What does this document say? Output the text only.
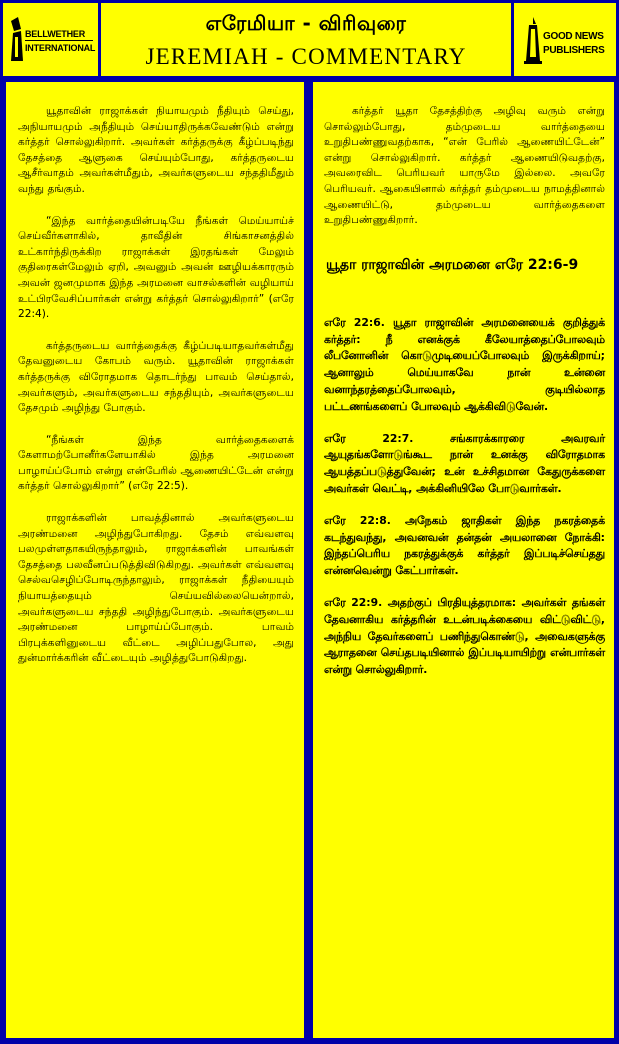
BELLWETHER
INTERNATIONAL
எரேமியா - விரிவுரை
JEREMIAH - COMMENTARY
GOOD NEWS
PUBLISHERS

யூதாவின் ராஜாக்கள் நியாயமும் நீதியும் செய்து, அநியாயமும் அநீதியும் செய்யாதிருக்கவேண்டும் என்று கர்த்தர் சொல்லுகிறார். அவர்கள் கர்த்தருக்கு கீழ்ப்படிந்து தேசத்தை ஆளுகை செய்யும்போது, கர்த்தருடைய ஆசீர்வாதம் அவர்கள்மீதும், அவர்களுடைய சந்ததிமீதும் வந்து தங்கும்.

“இந்த வார்த்தையின்படியே நீங்கள் மெய்யாய்ச் செய்வீர்களாகில், தாவீதின் சிங்காசனத்தில் உட்கார்ந்திருக்கிற ராஜாக்கள் இரதங்கள் மேலும் குதிரைகள்மேலும் ஏறி, அவனும் அவன் ஊழியக்காரரும் அவன் ஜனமுமாக இந்த அரமனை வாசல்களின் வழியாய் உட்பிரவேசிப்பார்கள் என்று கர்த்தர் சொல்லுகிறார்” (எரே 22:4).

கர்த்தருடைய வார்த்தைக்கு கீழ்ப்படியாதவர்கள்மீது தேவனுடைய கோபம் வரும். யூதாவின் ராஜாக்கள் கர்த்தருக்கு விரோதமாக தொடர்ந்து பாவம் செய்தால், அவர்களும், அவர்களுடைய சந்ததியும், அவர்களுடைய தேசமும் அழிந்து போகும்.

“நீங்கள் இந்த வார்த்தைகளைக் கேளாமற்போனீர்களேயாகில் இந்த அரமனை பாழாய்ப்போம் என்று என்பேரில் ஆணையிட்டேன் என்று கர்த்தர் சொல்லுகிறார்” (எரே 22:5).

ராஜாக்களின் பாவத்தினால் அவர்களுடைய அரண்மனை அழிந்துபோகிறது. தேசம் எவ்வளவு பலமுள்ளதாகயிருந்தாலும், ராஜாக்களின் பாவங்கள் தேசத்தை பலவீனப்படுத்திவிடுகிறது. அவர்கள் எவ்வளவு செல்வசெழிப்போடிருந்தாலும், ராஜாக்கள் நீதியையும் நியாயத்தையும் செய்யவில்லையென்றால், அவர்களுடைய சந்ததி அழிந்துபோகும். அவர்களுடைய அரண்மனை பாழாய்ப்போகும். பாவம் பிரபுக்களினுடைய வீட்டை அழிப்பதுபோல, அது துன்மார்க்கரின் வீட்டையும் அழித்துபோடுகிறது.

கர்த்தர் யூதா தேசத்திற்கு அழிவு வரும் என்று சொல்லும்போது, தம்முடைய வார்த்தையை உறுதிபண்ணுவதற்காக, “என் பேரில் ஆணையிட்டேன்” என்று சொல்லுகிறார். கர்த்தர் ஆணையிடுவதற்கு, அவரைவிட பெரியவர் யாருமே இல்லை. அவரே பெரியவர். ஆகையினால் கர்த்தர் தம்முடைய நாமத்தினால் ஆணையிட்டு, தம்முடைய வார்த்தைகளை உறுதிபண்ணுகிறார்.

யூதா ராஜாவின் அரமனை எரே 22:6-9

எரே 22:6. யூதா ராஜாவின் அரமனையைக் குறித்துக் கர்த்தர்: நீ எனக்குக் கீலேயாத்தைப்போலவும் லீபனோனின் கொடுமுடியைப்போலவும் இருக்கிறாய்; ஆனாலும் மெய்யாகவே நான் உன்னை வனாந்தரத்தைப்போலவும், குடியில்லாத பட்டணங்களைப் போலவும் ஆக்கிவிடுவேன்.

எரே 22:7. சங்காரக்காரரை அவரவர் ஆயுதங்களோடுங்கூட நான் உனக்கு விரோதமாக ஆயத்தப்படுத்துவேன்; உன் உச்சிதமான கேதுருக்களை அவர்கள் வெட்டி, அக்கினியிலே போடுவார்கள்.

எரே 22:8. அநேகம் ஜாதிகள் இந்த நகரத்தைக் கடந்துவந்து, அவனவன் தன்தன் அயலானை நோக்கி: இந்தப்பெரிய நகரத்துக்குக் கர்த்தர் இப்படிச்செய்தது என்னவென்று கேட்பார்கள்.

எரே 22:9. அதற்குப் பிரதியுத்தரமாக: அவர்கள் தங்கள் தேவனாகிய கர்த்தரின் உடன்படிக்கையை விட்டுவிட்டு, அந்நிய தேவர்களைப் பணிந்துகொண்டு, அவைகளுக்கு ஆராதனை செய்தபடியினால் இப்படியாயிற்று என்பார்கள் என்று சொல்லுகிறார்.
